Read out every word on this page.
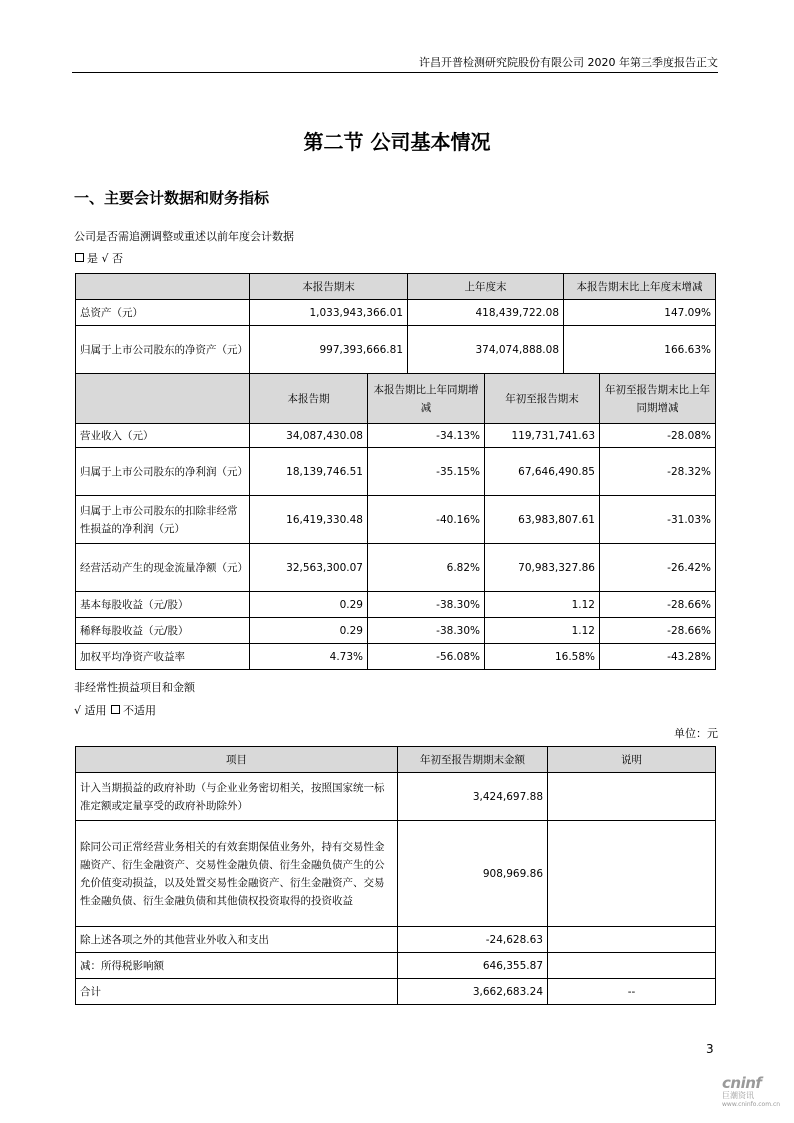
许昌开普检测研究院股份有限公司 2020 年第三季度报告正文
第二节 公司基本情况
一、主要会计数据和财务指标
公司是否需追溯调整或重述以前年度会计数据
是 √ 否
	本报告期末	上年度末	本报告期末比上年度末增减
总资产（元）	1,033,943,366.01	418,439,722.08	147.09%
归属于上市公司股东的净资产（元）	997,393,666.81	374,074,888.08	166.63%
	本报告期	本报告期比上年同期增减	年初至报告期末	年初至报告期末比上年同期增减
营业收入（元）	34,087,430.08	-34.13%	119,731,741.63	-28.08%
归属于上市公司股东的净利润（元）	18,139,746.51	-35.15%	67,646,490.85	-28.32%
归属于上市公司股东的扣除非经常性损益的净利润（元）	16,419,330.48	-40.16%	63,983,807.61	-31.03%
经营活动产生的现金流量净额（元）	32,563,300.07	6.82%	70,983,327.86	-26.42%
基本每股收益（元/股）	0.29	-38.30%	1.12	-28.66%
稀释每股收益（元/股）	0.29	-38.30%	1.12	-28.66%
加权平均净资产收益率	4.73%	-56.08%	16.58%	-43.28%
非经常性损益项目和金额
√ 适用 不适用
单位：元
项目	年初至报告期期末金额	说明
计入当期损益的政府补助（与企业业务密切相关，按照国家统一标准定额或定量享受的政府补助除外）	3,424,697.88	
除同公司正常经营业务相关的有效套期保值业务外，持有交易性金融资产、衍生金融资产、交易性金融负债、衍生金融负债产生的公允价值变动损益，以及处置交易性金融资产、衍生金融资产、交易性金融负债、衍生金融负债和其他债权投资取得的投资收益	908,969.86	
除上述各项之外的其他营业外收入和支出	-24,628.63	
减：所得税影响额	646,355.87	
合计	3,662,683.24	--
3
cninf
巨潮资讯
www.cninfo.com.cn
